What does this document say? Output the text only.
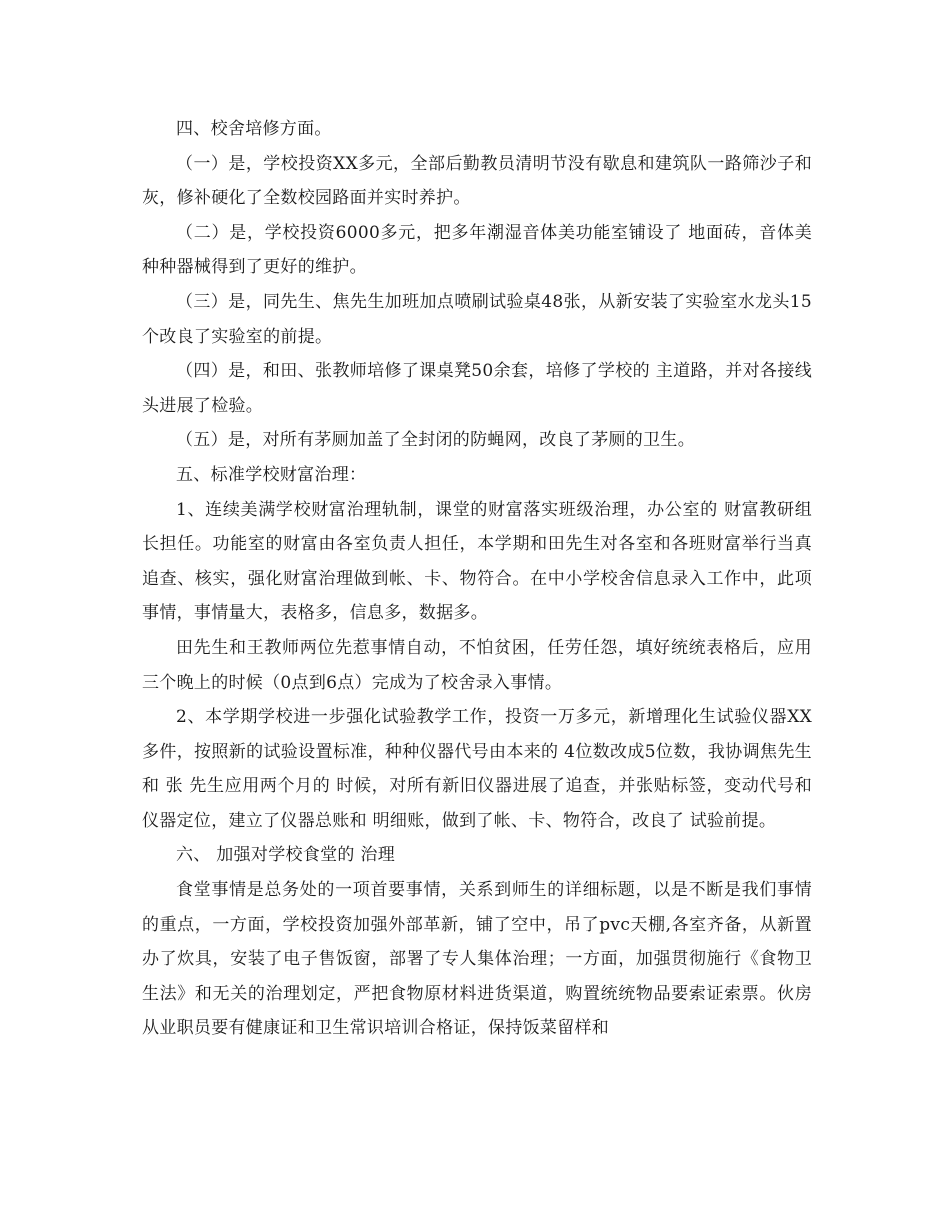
四、校舍培修方面。

（一）是，学校投资XX多元，全部后勤教员清明节没有歇息和建筑队一路筛沙子和灰，修补硬化了全数校园路面并实时养护。

（二）是，学校投资6000多元，把多年潮湿音体美功能室铺设了 地面砖，音体美种种器械得到了更好的维护。

（三）是，同先生、焦先生加班加点喷刷试验桌48张，从新安装了实验室水龙头15个改良了实验室的前提。

（四）是，和田、张教师培修了课桌凳50余套，培修了学校的 主道路，并对各接线头进展了检验。

（五）是，对所有茅厕加盖了全封闭的防蝇网，改良了茅厕的卫生。

五、标准学校财富治理：

1、连续美满学校财富治理轨制，课堂的财富落实班级治理，办公室的 财富教研组长担任。功能室的财富由各室负责人担任，本学期和田先生对各室和各班财富举行当真追查、核实，强化财富治理做到帐、卡、物符合。在中小学校舍信息录入工作中，此项事情，事情量大，表格多，信息多，数据多。

田先生和王教师两位先惹事情自动，不怕贫困，任劳任怨，填好统统表格后，应用三个晚上的时候（0点到6点）完成为了校舍录入事情。

2、本学期学校进一步强化试验教学工作，投资一万多元，新增理化生试验仪器XX多件，按照新的试验设置标准，种种仪器代号由本来的 4位数改成5位数，我协调焦先生和 张 先生应用两个月的 时候，对所有新旧仪器进展了追查，并张贴标签，变动代号和仪器定位，建立了仪器总账和 明细账，做到了帐、卡、物符合，改良了 试验前提。

六、 加强对学校食堂的 治理

食堂事情是总务处的一项首要事情，关系到师生的详细标题，以是不断是我们事情的重点，一方面，学校投资加强外部革新，铺了空中，吊了pvc天棚,各室齐备，从新置办了炊具，安装了电子售饭窗，部署了专人集体治理；一方面，加强贯彻施行《食物卫生法》和无关的治理划定，严把食物原材料进货渠道，购置统统物品要索证索票。伙房从业职员要有健康证和卫生常识培训合格证，保持饭菜留样和
